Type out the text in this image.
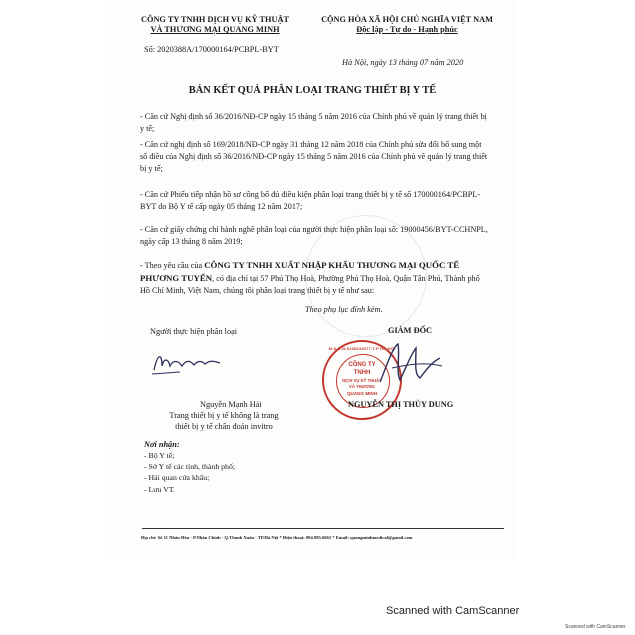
CÔNG TY TNHH DỊCH VỤ KỸ THUẬT
VÀ THƯƠNG MẠI QUANG MINH
Số: 2020388A/170000164/PCBPL-BYT
CỘNG HÒA XÃ HỘI CHỦ NGHĨA VIỆT NAM
Độc lập - Tự do - Hạnh phúc
Hà Nội, ngày 13 tháng 07 năm 2020
BẢN KẾT QUẢ PHÂN LOẠI TRANG THIẾT BỊ Y TẾ
- Căn cứ Nghị định số 36/2016/NĐ-CP ngày 15 tháng 5 năm 2016 của Chính phủ về quản lý trang thiết bị y tế;
- Căn cứ nghị định số 169/2018/NĐ-CP ngày 31 tháng 12 năm 2018 của Chính phủ sửa đổi bổ sung một số điều của Nghị định số 36/2016/NĐ-CP ngày 15 tháng 5 năm 2016 của Chính phủ về quản lý trang thiết bị y tế;
- Căn cứ Phiếu tiếp nhận hồ sơ công bố đủ điều kiện phân loại trang thiết bị y tế số 170000164/PCBPL-BYT do Bộ Y tế cấp ngày 05 tháng 12 năm 2017;
- Căn cứ giấy chứng chỉ hành nghề phân loại của người thực hiện phân loại số: 19000456/BYT-CCHNPL, ngày cấp 13 tháng 8 năm 2019;
- Theo yêu cầu của CÔNG TY TNHH XUẤT NHẬP KHẨU THƯƠNG MẠI QUỐC TẾ PHƯƠNG TUYẾN, có địa chỉ tại 57 Phú Thọ Hoà, Phường Phú Thọ Hoà, Quận Tân Phú, Thành phố Hồ Chí Minh, Việt Nam, chúng tôi phân loại trang thiết bị y tế như sau:
Theo phụ lục đính kèm.
Người thực hiện phân loại
Nguyễn Mạnh Hải
Trang thiết bị y tế không là trang
thiết bị y tế chẩn đoán invitro
GIÁM ĐỐC
M.S.D.N:0106634077-T.P HÀ NỘI
CÔNG TY
TNHH
DỊCH VỤ KỸ THUẬT
VÀ THƯƠNG
QUANG MINH
NGUYỄN THỊ THÙY DUNG
Nơi nhận:
- Bộ Y tế;
- Sở Y tế các tỉnh, thành phố;
- Hải quan cửa khẩu;
- Lưu VT.
Địa chỉ: Số 11 Nhân Hòa - P.Nhân Chính - Q.Thanh Xuân - TP.Hà Nội * Điện thoại: 094.995.6665 * Email: quangminhmedical@gmail.com
Scanned with CamScanner
Scanned with CamScanner
